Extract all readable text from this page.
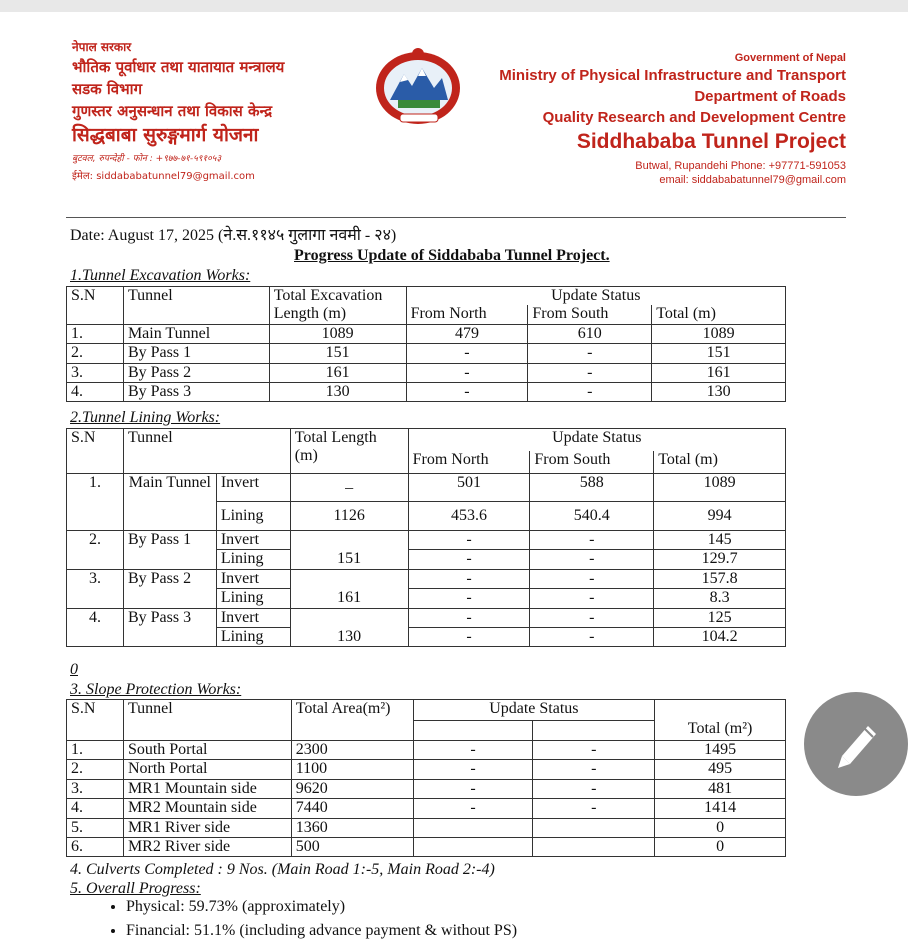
नेपाल सरकार
भौतिक पूर्वाधार तथा यातायात मन्त्रालय
सडक विभाग
गुणस्तर अनुसन्धान तथा विकास केन्द्र
सिद्धबाबा सुरुङ्गमार्ग योजना
बुटवल, रुपन्देही - फोन : +९७७-७१-५९१०५३
ईमेल: siddababatunnel79@gmail.com
Government of Nepal
Ministry of Physical Infrastructure and Transport
Department of Roads
Quality Research and Development Centre
Siddhababa Tunnel Project
Butwal, Rupandehi Phone: +97771-591053
email: siddababatunnel79@gmail.com
Date: August 17, 2025 (ने.स.११४५ गुलागा नवमी - २४)
Progress Update of Siddababa Tunnel Project.
1.Tunnel Excavation Works:
S.N	Tunnel	Total Excavation Length (m)	Update Status		
			From North	From South	Total (m)
1.	Main Tunnel	1089	479	610	1089
2.	By Pass 1	151	-	-	151
3.	By Pass 2	161	-	-	161
4.	By Pass 3	130	-	-	130
2.Tunnel Lining Works:
S.N	Tunnel		Total Length (m)	Update Status		
				From North	From South	Total (m)
1.	Main Tunnel	Invert	_	501	588	1089
		Lining	1126	453.6	540.4	994
2.	By Pass 1	Invert	151	-	-	145
		Lining		-	-	129.7
3.	By Pass 2	Invert	161	-	-	157.8
		Lining		-	-	8.3
4.	By Pass 3	Invert	130	-	-	125
		Lining		-	-	104.2
0
3. Slope Protection Works:
S.N	Tunnel	Total Area(m²)	Update Status		
					Total (m²)
1.	South Portal	2300	-	-	1495
2.	North Portal	1100	-	-	495
3.	MR1 Mountain side	9620	-	-	481
4.	MR2 Mountain side	7440	-	-	1414
5.	MR1 River side	1360			0
6.	MR2 River side	500			0
4. Culverts Completed : 9 Nos. (Main Road 1:-5, Main Road 2:-4)
5. Overall Progress:
• Physical: 59.73% (approximately)
• Financial: 51.1% (including advance payment & without PS)
